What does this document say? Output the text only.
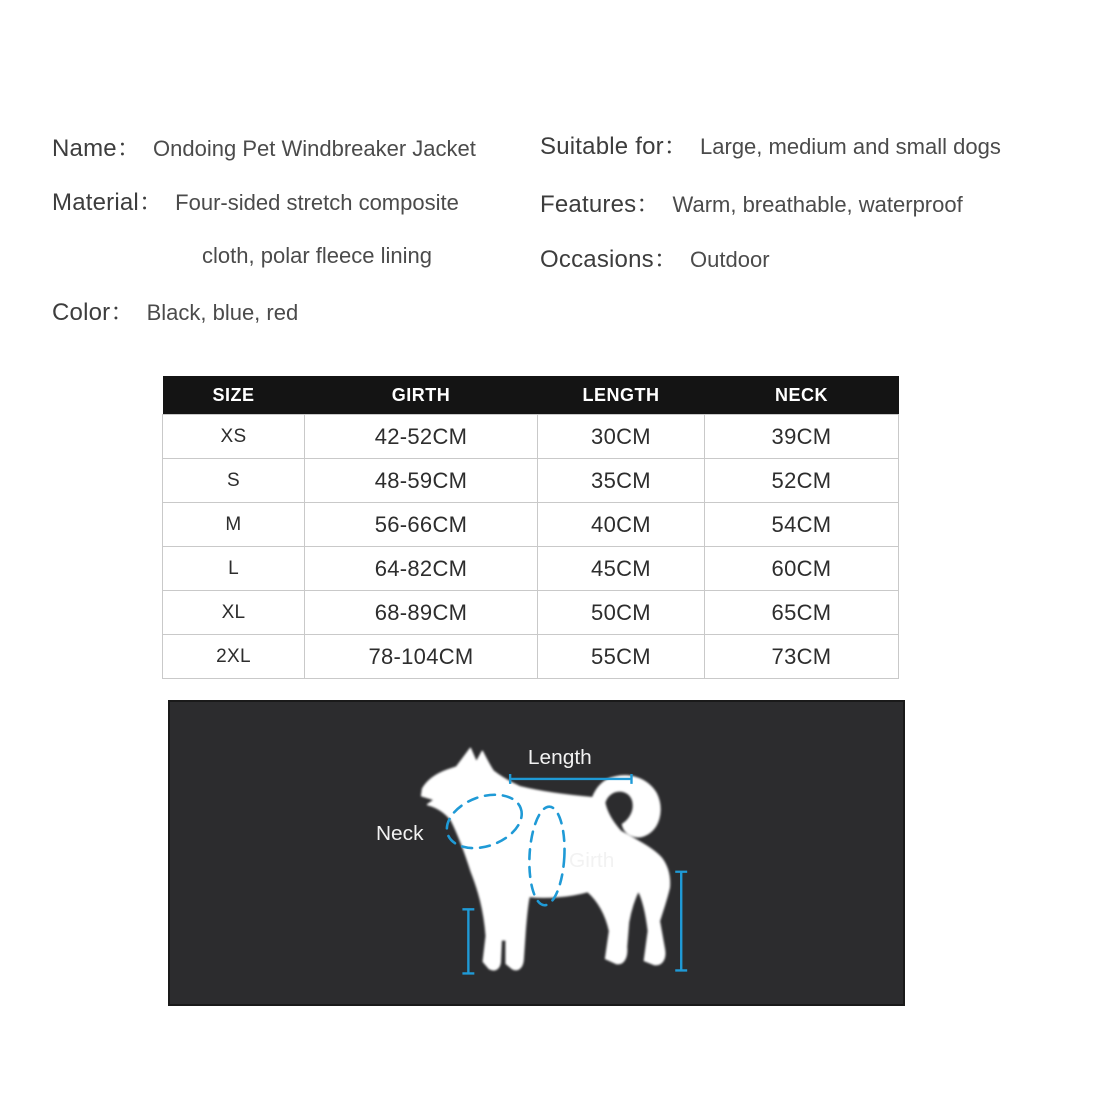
Name： Ondoing Pet Windbreaker Jacket	Suitable for： Large, medium and small dogs
Material： Four-sided stretch composite
cloth, polar fleece lining
Features： Warm, breathable, waterproof
Occasions： Outdoor
Color： Black, blue, red
SIZE	GIRTH	LENGTH	NECK
XS	42-52CM	30CM	39CM
S	48-59CM	35CM	52CM
M	56-66CM	40CM	54CM
L	64-82CM	45CM	60CM
XL	68-89CM	50CM	65CM
2XL	78-104CM	55CM	73CM
Length
Neck
Girth
